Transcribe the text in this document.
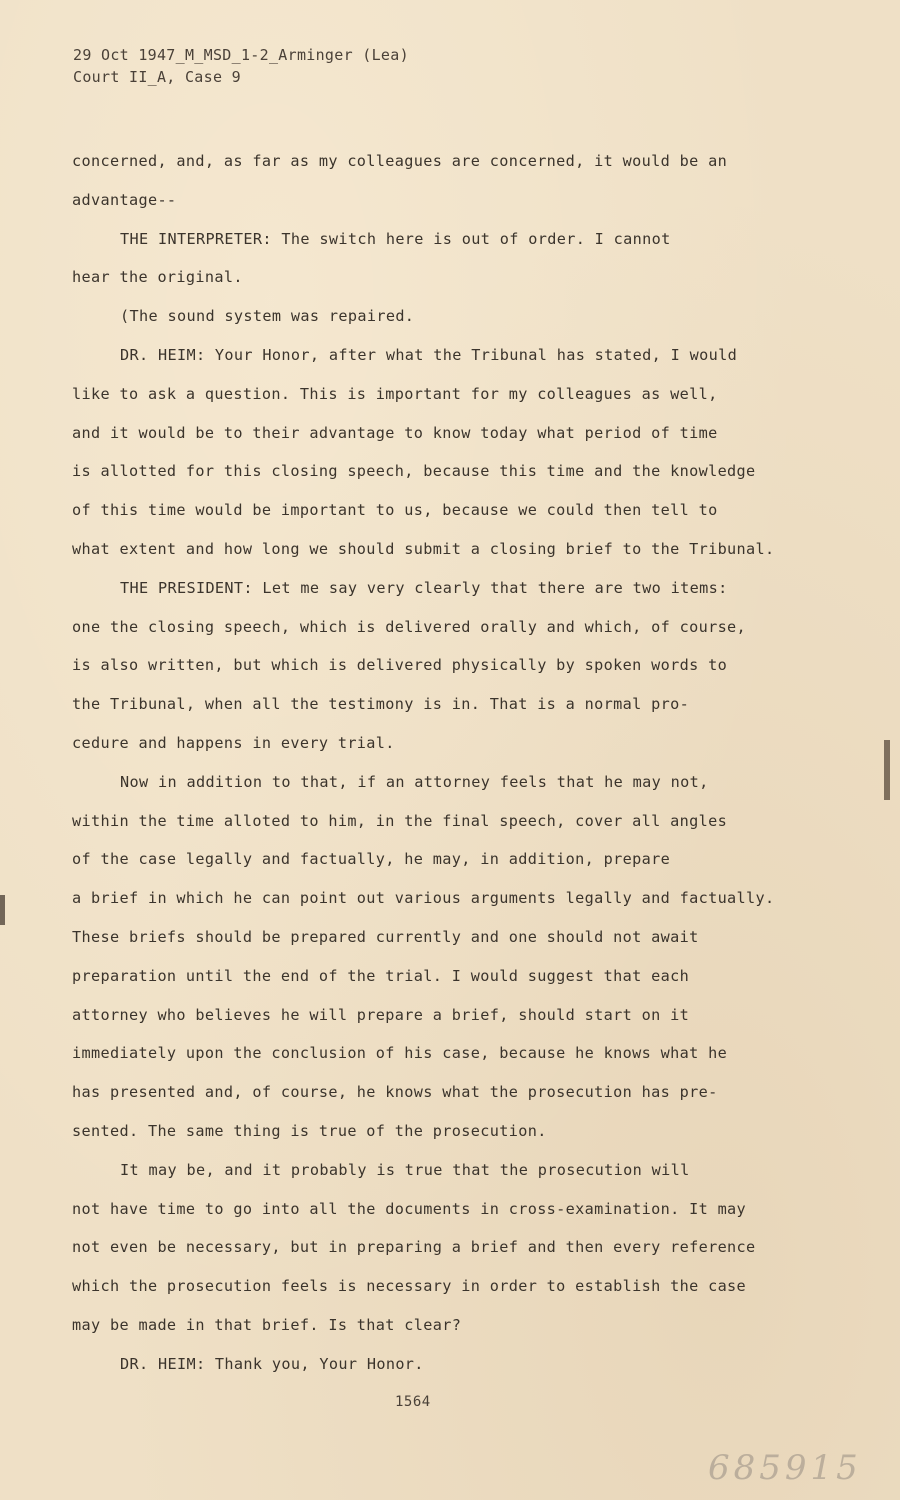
29 Oct 1947_M_MSD_1-2_Arminger (Lea)
Court II_A, Case 9
concerned, and, as far as my colleagues are concerned, it would be an
advantage--
THE INTERPRETER: The switch here is out of order. I cannot
hear the original.
(The sound system was repaired.
DR. HEIM: Your Honor, after what the Tribunal has stated, I would
like to ask a question. This is important for my colleagues as well,
and it would be to their advantage to know today what period of time
is allotted for this closing speech, because this time and the knowledge
of this time would be important to us, because we could then tell to
what extent and how long we should submit a closing brief to the Tribunal.
THE PRESIDENT: Let me say very clearly that there are two items:
one the closing speech, which is delivered orally and which, of course,
is also written, but which is delivered physically by spoken words to
the Tribunal, when all the testimony is in. That is a normal pro-
cedure and happens in every trial.
Now in addition to that, if an attorney feels that he may not,
within the time alloted to him, in the final speech, cover all angles
of the case legally and factually, he may, in addition, prepare
a brief in which he can point out various arguments legally and factually.
These briefs should be prepared currently and one should not await
preparation until the end of the trial. I would suggest that each
attorney who believes he will prepare a brief, should start on it
immediately upon the conclusion of his case, because he knows what he
has presented and, of course, he knows what the prosecution has pre-
sented. The same thing is true of the prosecution.
It may be, and it probably is true that the prosecution will
not have time to go into all the documents in cross-examination. It may
not even be necessary, but in preparing a brief and then every reference
which the prosecution feels is necessary in order to establish the case
may be made in that brief. Is that clear?
DR. HEIM: Thank you, Your Honor.
1564
685915
